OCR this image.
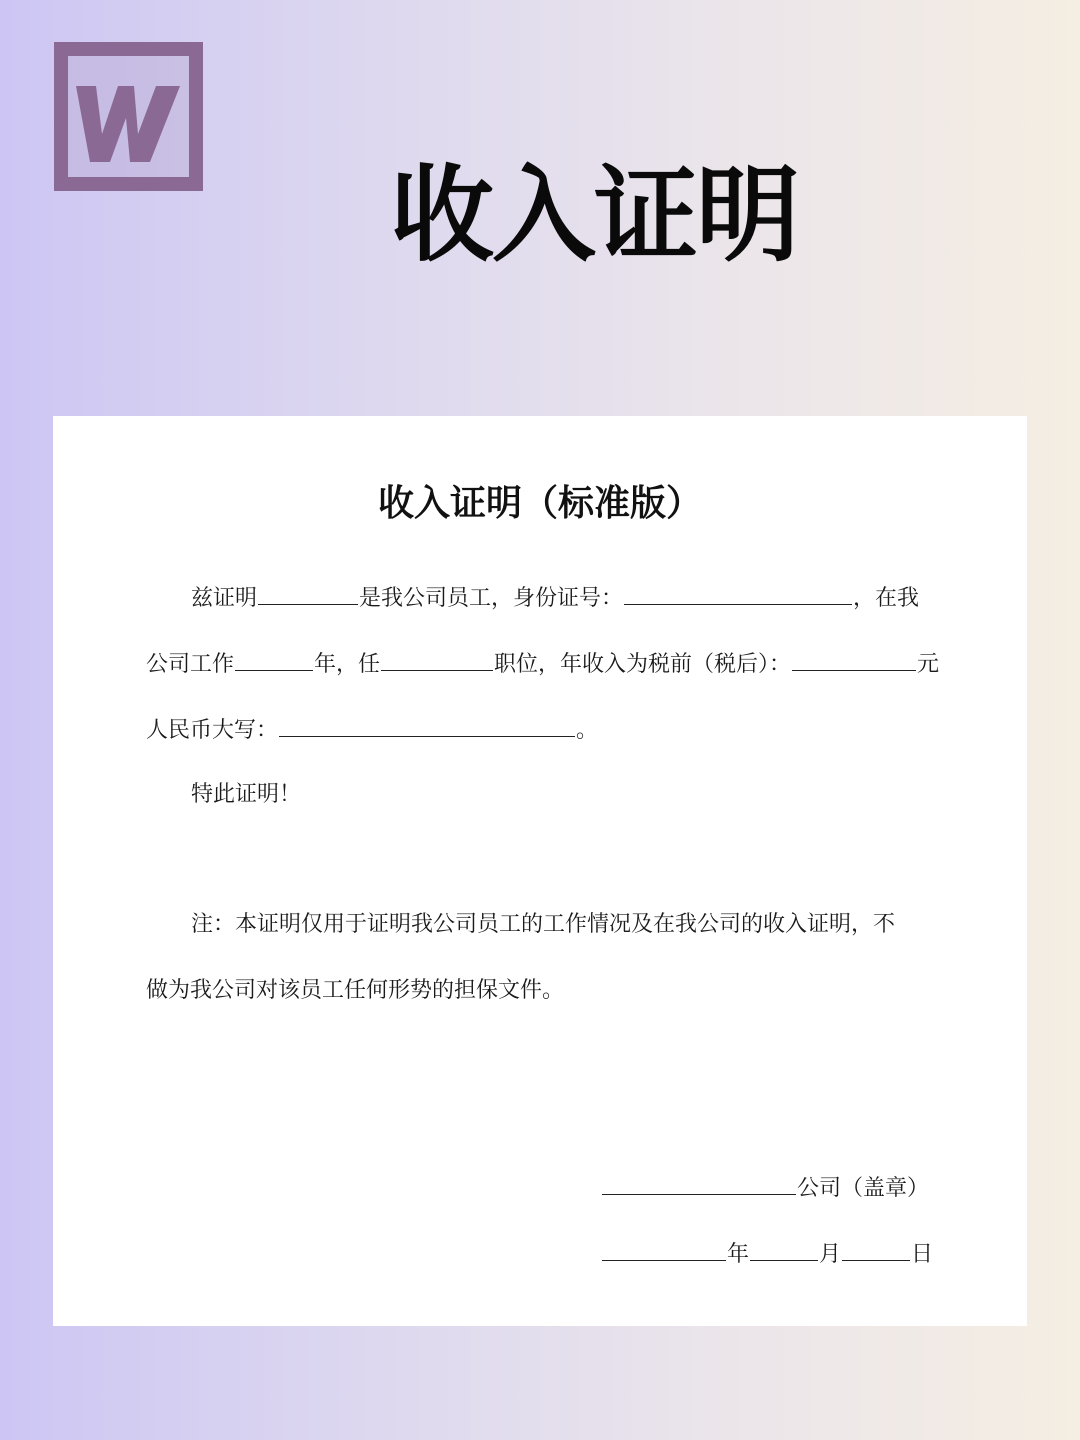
收入证明
收入证明（标准版）
兹证明	是我公司员工，身份证号：	，在我
公司工作	年，任	职位，年收入为税前（税后）：	元
人民币大写：	。
特此证明！
注：本证明仅用于证明我公司员工的工作情况及在我公司的收入证明，不
做为我公司对该员工任何形势的担保文件。
公司（盖章）
年	月	日
